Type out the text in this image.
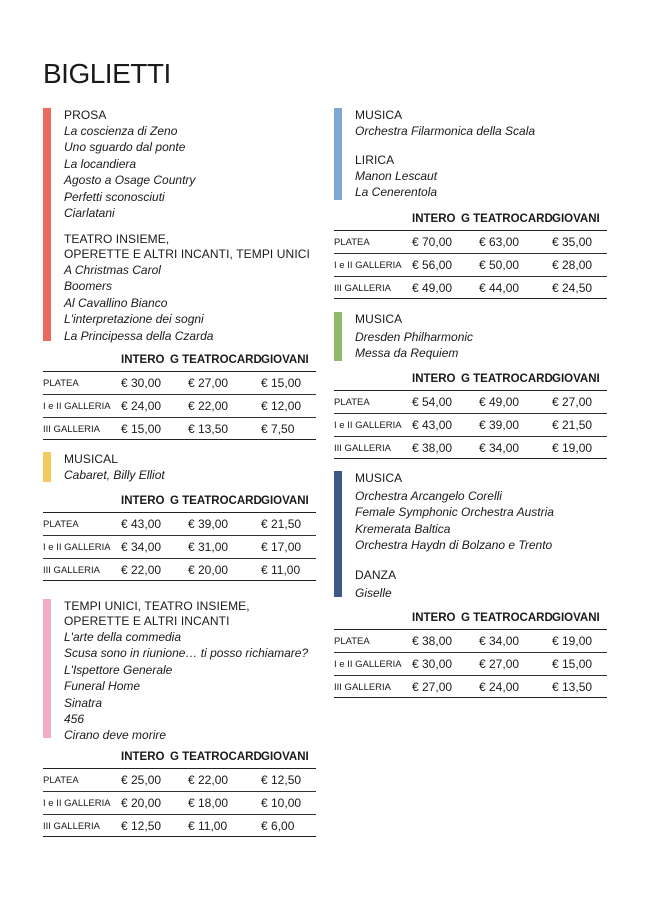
BIGLIETTI
PROSA
La coscienza di Zeno
Uno sguardo dal ponte
La locandiera
Agosto a Osage Country
Perfetti sconosciuti
Ciarlatani
TEATRO INSIEME,
OPERETTE E ALTRI INCANTI, TEMPI UNICI
A Christmas Carol
Boomers
Al Cavallino Bianco
L'interpretazione dei sogni
La Principessa della Czarda
INTERO G TEATROCARD GIOVANI
PLATEA	€ 30,00 € 27,00	€ 15,00
I e II GALLERIA € 24,00 € 22,00	€ 12,00
III GALLERIA € 15,00 € 13,50	€ 7,50
MUSICAL
Cabaret, Billy Elliot
INTERO G TEATROCARD GIOVANI
PLATEA	€ 43,00 € 39,00	€ 21,50
I e II GALLERIA € 34,00 € 31,00	€ 17,00
III GALLERIA € 22,00 € 20,00	€ 11,00
TEMPI UNICI, TEATRO INSIEME,
OPERETTE E ALTRI INCANTI
L'arte della commedia
Scusa sono in riunione… ti posso richiamare?
L'Ispettore Generale
Funeral Home
Sinatra
456
Cirano deve morire
INTERO G TEATROCARD GIOVANI
PLATEA	€ 25,00 € 22,00	€ 12,50
I e II GALLERIA € 20,00 € 18,00	€ 10,00
III GALLERIA € 12,50 € 11,00	€ 6,00
MUSICA
Orchestra Filarmonica della Scala
LIRICA
Manon Lescaut
La Cenerentola
INTERO G TEATROCARD GIOVANI
PLATEA	€ 70,00 € 63,00	€ 35,00
I e II GALLERIA € 56,00 € 50,00	€ 28,00
III GALLERIA € 49,00 € 44,00	€ 24,50
MUSICA
Dresden Philharmonic
Messa da Requiem
INTERO G TEATROCARD GIOVANI
PLATEA	€ 54,00 € 49,00	€ 27,00
I e II GALLERIA € 43,00 € 39,00	€ 21,50
III GALLERIA € 38,00 € 34,00	€ 19,00
MUSICA
Orchestra Arcangelo Corelli
Female Symphonic Orchestra Austria
Kremerata Baltica
Orchestra Haydn di Bolzano e Trento
DANZA
Giselle
INTERO G TEATROCARD GIOVANI
PLATEA	€ 38,00 € 34,00	€ 19,00
I e II GALLERIA € 30,00 € 27,00	€ 15,00
III GALLERIA € 27,00 € 24,00	€ 13,50
